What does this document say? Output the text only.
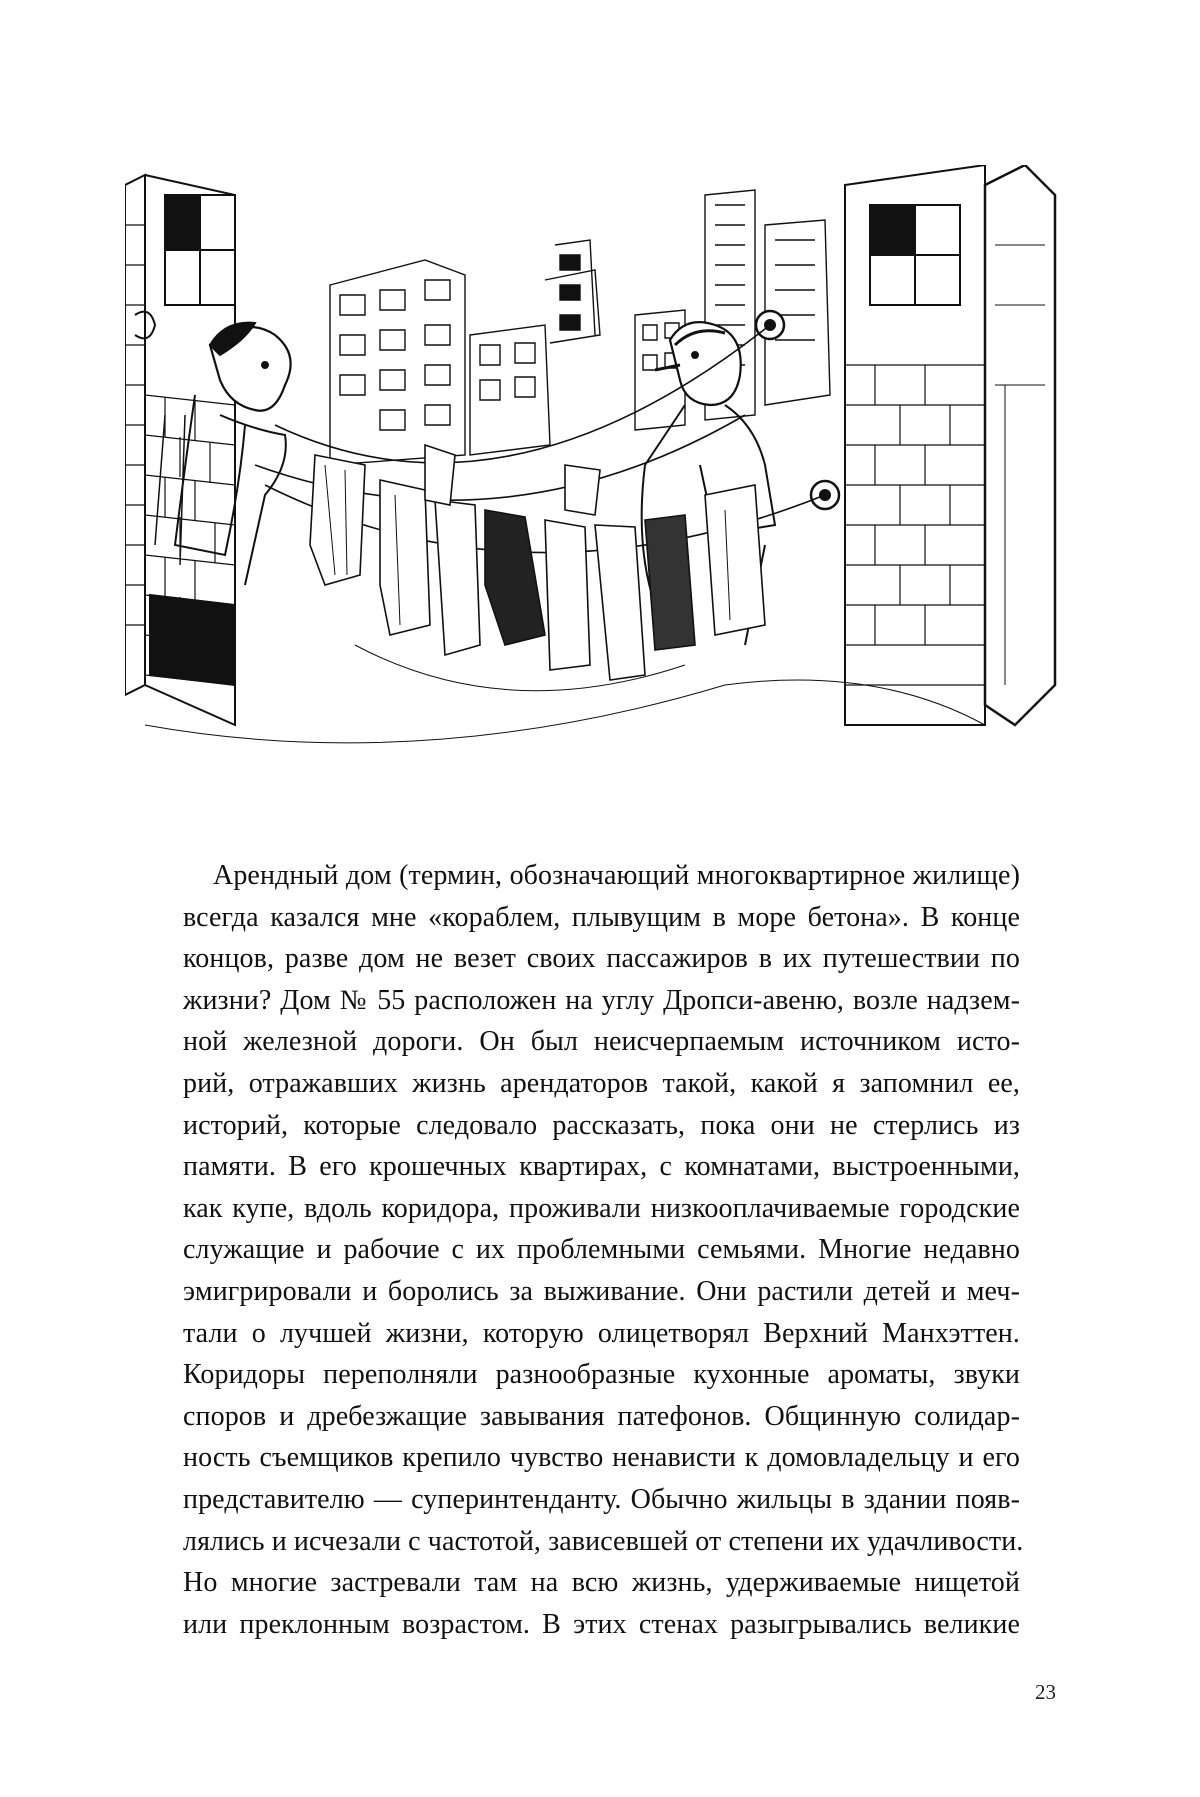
Арендный дом (термин, обозначающий многоквартирное жилище)
всегда казался мне «кораблем, плывущим в море бетона». В конце
концов, разве дом не везет своих пассажиров в их путешествии по
жизни? Дом № 55 расположен на углу Дропси-авеню, возле надзем-
ной железной дороги. Он был неисчерпаемым источником исто-
рий, отражавших жизнь арендаторов такой, какой я запомнил ее,
историй, которые следовало рассказать, пока они не стерлись из
памяти. В его крошечных квартирах, с комнатами, выстроенными,
как купе, вдоль коридора, проживали низкооплачиваемые городские
служащие и рабочие с их проблемными семьями. Многие недавно
эмигрировали и боролись за выживание. Они растили детей и меч-
тали о лучшей жизни, которую олицетворял Верхний Манхэттен.
Коридоры переполняли разнообразные кухонные ароматы, звуки
споров и дребезжащие завывания патефонов. Общинную солидар-
ность съемщиков крепило чувство ненависти к домовладельцу и его
представителю — суперинтенданту. Обычно жильцы в здании появ-
лялись и исчезали с частотой, зависевшей от степени их удачливости.
Но многие застревали там на всю жизнь, удерживаемые нищетой
или преклонным возрастом. В этих стенах разыгрывались великие
23
